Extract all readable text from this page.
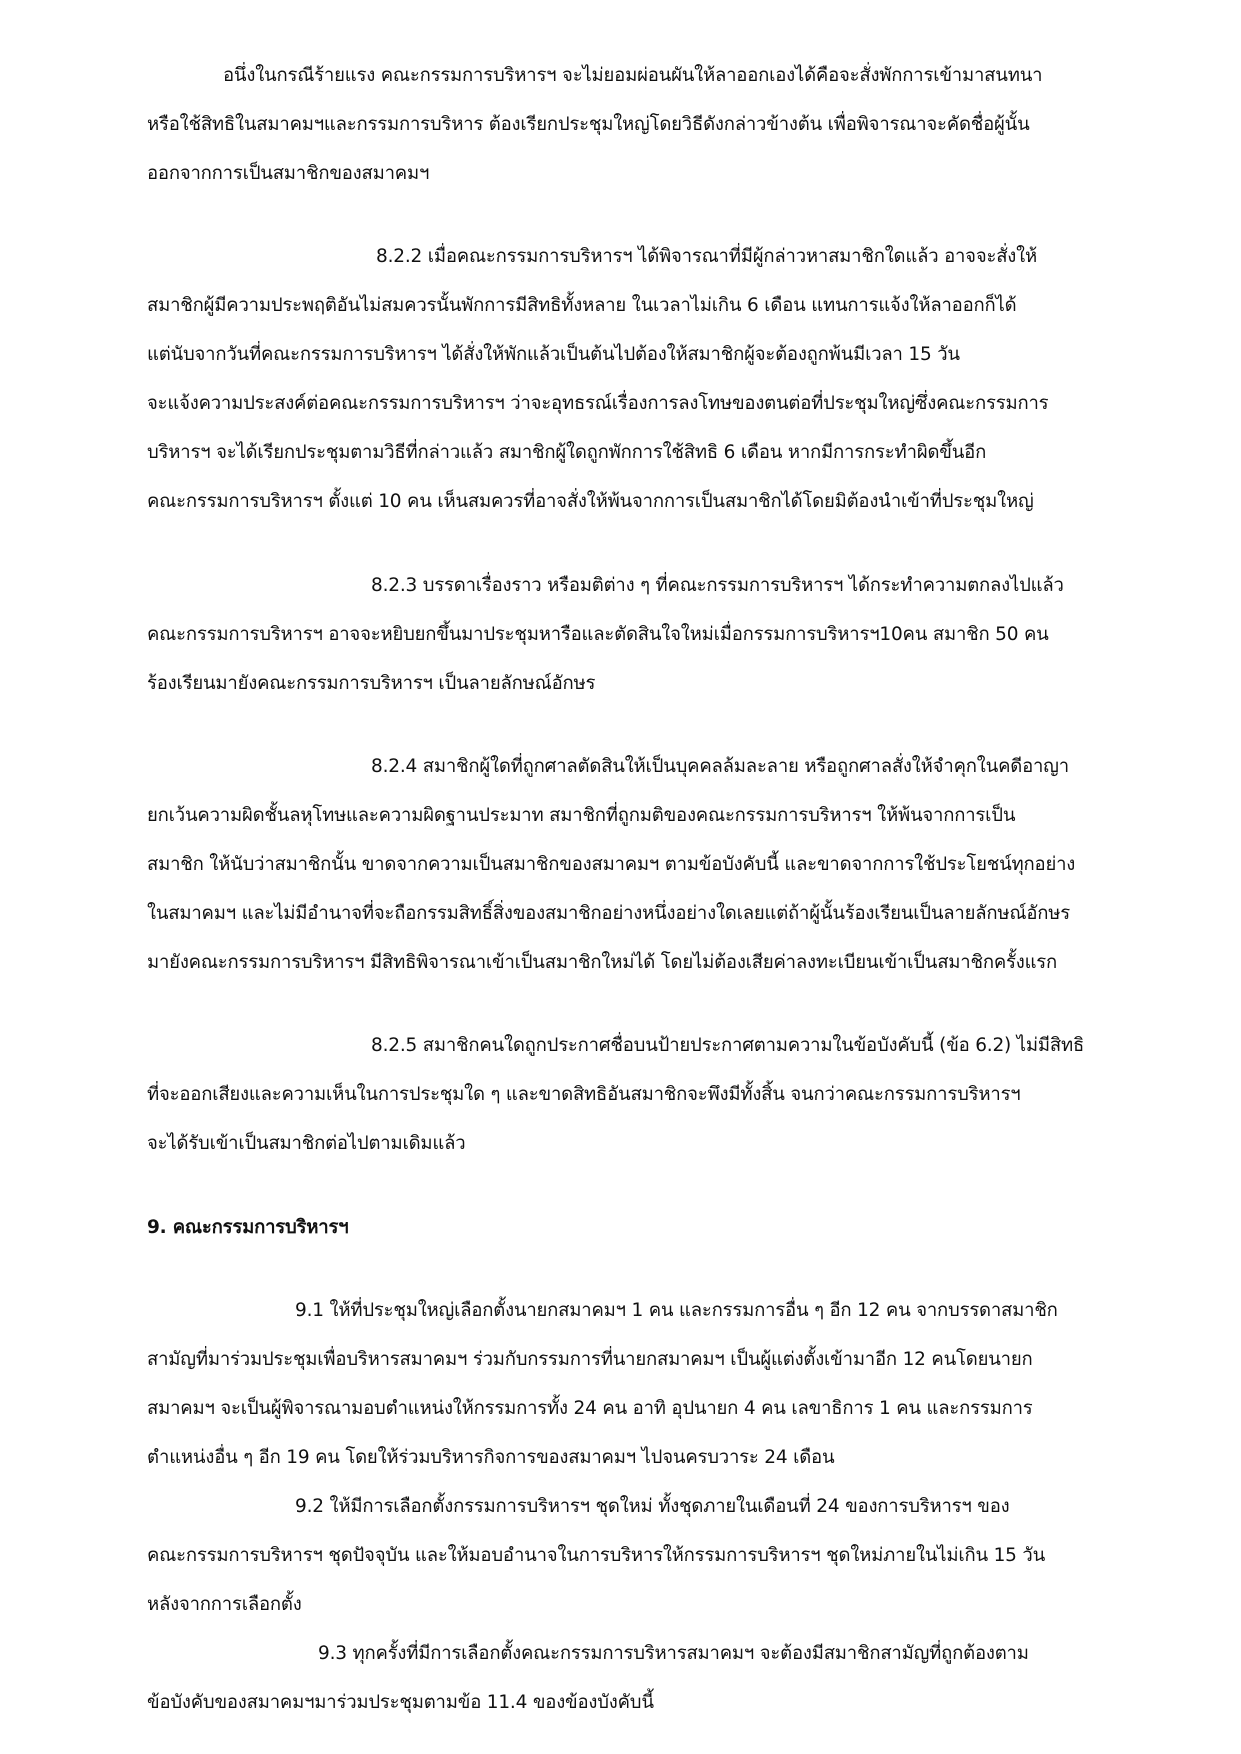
อนึ่งในกรณีร้ายแรง คณะกรรมการบริหารฯ จะไม่ยอมผ่อนผันให้ลาออกเองได้คือจะสั่งพักการเข้ามาสนทนา
หรือใช้สิทธิในสมาคมฯและกรรมการบริหาร ต้องเรียกประชุมใหญ่โดยวิธีดังกล่าวข้างต้น เพื่อพิจารณาจะคัดชื่อผู้นั้น
ออกจากการเป็นสมาชิกของสมาคมฯ
8.2.2 เมื่อคณะกรรมการบริหารฯ ได้พิจารณาที่มีผู้กล่าวหาสมาชิกใดแล้ว อาจจะสั่งให้
สมาชิกผู้มีความประพฤติอันไม่สมควรนั้นพักการมีสิทธิทั้งหลาย ในเวลาไม่เกิน 6 เดือน แทนการแจ้งให้ลาออกก็ได้
แต่นับจากวันที่คณะกรรมการบริหารฯ ได้สั่งให้พักแล้วเป็นต้นไปต้องให้สมาชิกผู้จะต้องถูกพ้นมีเวลา 15 วัน
จะแจ้งความประสงค์ต่อคณะกรรมการบริหารฯ ว่าจะอุทธรณ์เรื่องการลงโทษของตนต่อที่ประชุมใหญ่ซึ่งคณะกรรมการ
บริหารฯ จะได้เรียกประชุมตามวิธีที่กล่าวแล้ว สมาชิกผู้ใดถูกพักการใช้สิทธิ 6 เดือน หากมีการกระทำผิดขึ้นอีก
คณะกรรมการบริหารฯ ตั้งแต่ 10 คน เห็นสมควรที่อาจสั่งให้พ้นจากการเป็นสมาชิกได้โดยมิต้องนำเข้าที่ประชุมใหญ่
8.2.3 บรรดาเรื่องราว หรือมติต่าง ๆ ที่คณะกรรมการบริหารฯ ได้กระทำความตกลงไปแล้ว
คณะกรรมการบริหารฯ อาจจะหยิบยกขึ้นมาประชุมหารือและตัดสินใจใหม่เมื่อกรรมการบริหารฯ10คน สมาชิก 50 คน
ร้องเรียนมายังคณะกรรมการบริหารฯ เป็นลายลักษณ์อักษร
8.2.4 สมาชิกผู้ใดที่ถูกศาลตัดสินให้เป็นบุคคลล้มละลาย หรือถูกศาลสั่งให้จำคุกในคดีอาญา
ยกเว้นความผิดชั้นลหุโทษและความผิดฐานประมาท สมาชิกที่ถูกมติของคณะกรรมการบริหารฯ ให้พ้นจากการเป็น
สมาชิก ให้นับว่าสมาชิกนั้น ขาดจากความเป็นสมาชิกของสมาคมฯ ตามข้อบังคับนี้ และขาดจากการใช้ประโยชน์ทุกอย่าง
ในสมาคมฯ และไม่มีอำนาจที่จะถือกรรมสิทธิ์สิ่งของสมาชิกอย่างหนึ่งอย่างใดเลยแต่ถ้าผู้นั้นร้องเรียนเป็นลายลักษณ์อักษร
มายังคณะกรรมการบริหารฯ มีสิทธิพิจารณาเข้าเป็นสมาชิกใหม่ได้ โดยไม่ต้องเสียค่าลงทะเบียนเข้าเป็นสมาชิกครั้งแรก
8.2.5 สมาชิกคนใดถูกประกาศชื่อบนป้ายประกาศตามความในข้อบังคับนี้ (ข้อ 6.2) ไม่มีสิทธิ
ที่จะออกเสียงและความเห็นในการประชุมใด ๆ และขาดสิทธิอันสมาชิกจะพึงมีทั้งสิ้น จนกว่าคณะกรรมการบริหารฯ
จะได้รับเข้าเป็นสมาชิกต่อไปตามเดิมแล้ว
9. คณะกรรมการบริหารฯ
9.1 ให้ที่ประชุมใหญ่เลือกตั้งนายกสมาคมฯ 1 คน และกรรมการอื่น ๆ อีก 12 คน จากบรรดาสมาชิก
สามัญที่มาร่วมประชุมเพื่อบริหารสมาคมฯ ร่วมกับกรรมการที่นายกสมาคมฯ เป็นผู้แต่งตั้งเข้ามาอีก 12 คนโดยนายก
สมาคมฯ จะเป็นผู้พิจารณามอบตำแหน่งให้กรรมการทั้ง 24 คน อาทิ อุปนายก 4 คน เลขาธิการ 1 คน และกรรมการ
ตำแหน่งอื่น ๆ อีก 19 คน โดยให้ร่วมบริหารกิจการของสมาคมฯ ไปจนครบวาระ 24 เดือน
9.2 ให้มีการเลือกตั้งกรรมการบริหารฯ ชุดใหม่ ทั้งชุดภายในเดือนที่ 24 ของการบริหารฯ ของ
คณะกรรมการบริหารฯ ชุดปัจจุบัน และให้มอบอำนาจในการบริหารให้กรรมการบริหารฯ ชุดใหม่ภายในไม่เกิน 15 วัน
หลังจากการเลือกตั้ง
9.3 ทุกครั้งที่มีการเลือกตั้งคณะกรรมการบริหารสมาคมฯ จะต้องมีสมาชิกสามัญที่ถูกต้องตาม
ข้อบังคับของสมาคมฯมาร่วมประชุมตามข้อ 11.4 ของข้องบังคับนี้
